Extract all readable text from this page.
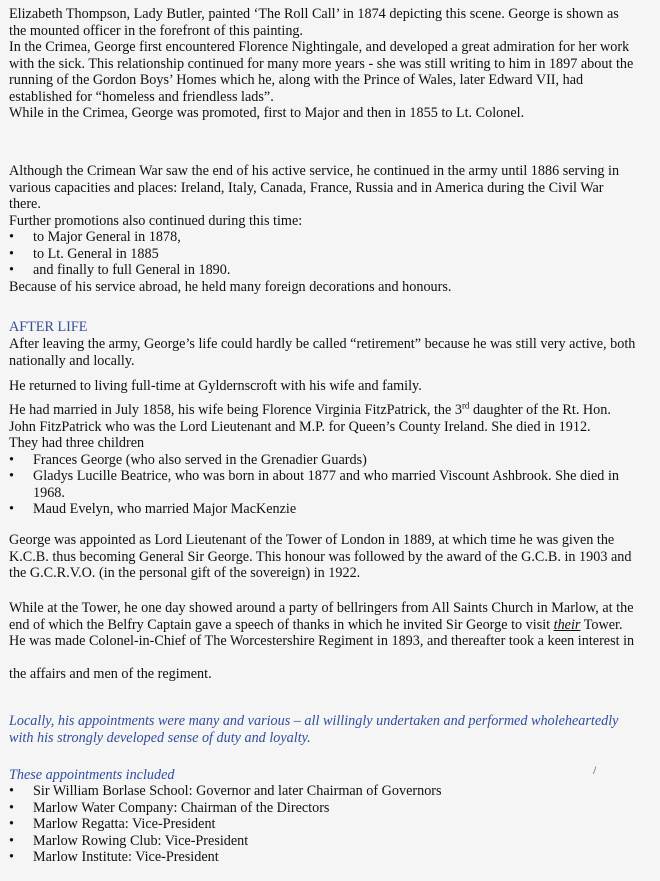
Elizabeth Thompson, Lady Butler, painted ‘The Roll Call’ in 1874 depicting this scene. George is shown as

the mounted officer in the forefront of this painting.

In the Crimea, George first encountered Florence Nightingale, and developed a great admiration for her work

with the sick. This relationship continued for many more years - she was still writing to him in 1897 about the

running of the Gordon Boys’ Homes which he, along with the Prince of Wales, later Edward VII, had

established for “homeless and friendless lads”.

While in the Crimea, George was promoted, first to Major and then in 1855 to Lt. Colonel.

Although the Crimean War saw the end of his active service, he continued in the army until 1886 serving in

various capacities and places: Ireland, Italy, Canada, France, Russia and in America during the Civil War

there.

Further promotions also continued during this time:

• to Major General in 1878,
• to Lt. General in 1885
• and finally to full General in 1890.

Because of his service abroad, he held many foreign decorations and honours.

AFTER LIFE

After leaving the army, George’s life could hardly be called “retirement” because he was still very active, both

nationally and locally.

He returned to living full-time at Gyldernscroft with his wife and family.

He had married in July 1858, his wife being Florence Virginia FitzPatrick, the 3rd daughter of the Rt. Hon.

John FitzPatrick who was the Lord Lieutenant and M.P. for Queen’s County Ireland. She died in 1912.

They had three children

• Frances George (who also served in the Grenadier Guards)
• Gladys Lucille Beatrice, who was born in about 1877 and who married Viscount Ashbrook. She died in 1968.
• Maud Evelyn, who married Major MacKenzie

George was appointed as Lord Lieutenant of the Tower of London in 1889, at which time he was given the

K.C.B. thus becoming General Sir George. This honour was followed by the award of the G.C.B. in 1903 and

the G.C.R.V.O. (in the personal gift of the sovereign) in 1922.

While at the Tower, he one day showed around a party of bellringers from All Saints Church in Marlow, at the

end of which the Belfry Captain gave a speech of thanks in which he invited Sir George to visit their Tower.

He was made Colonel-in-Chief of The Worcestershire Regiment in 1893, and thereafter took a keen interest in

the affairs and men of the regiment.

Locally, his appointments were many and various – all willingly undertaken and performed wholeheartedly

with his strongly developed sense of duty and loyalty.

These appointments included
• Sir William Borlase School: Governor and later Chairman of Governors
• Marlow Water Company: Chairman of the Directors
• Marlow Regatta: Vice-President
• Marlow Rowing Club: Vice-President
• Marlow Institute: Vice-President
/
